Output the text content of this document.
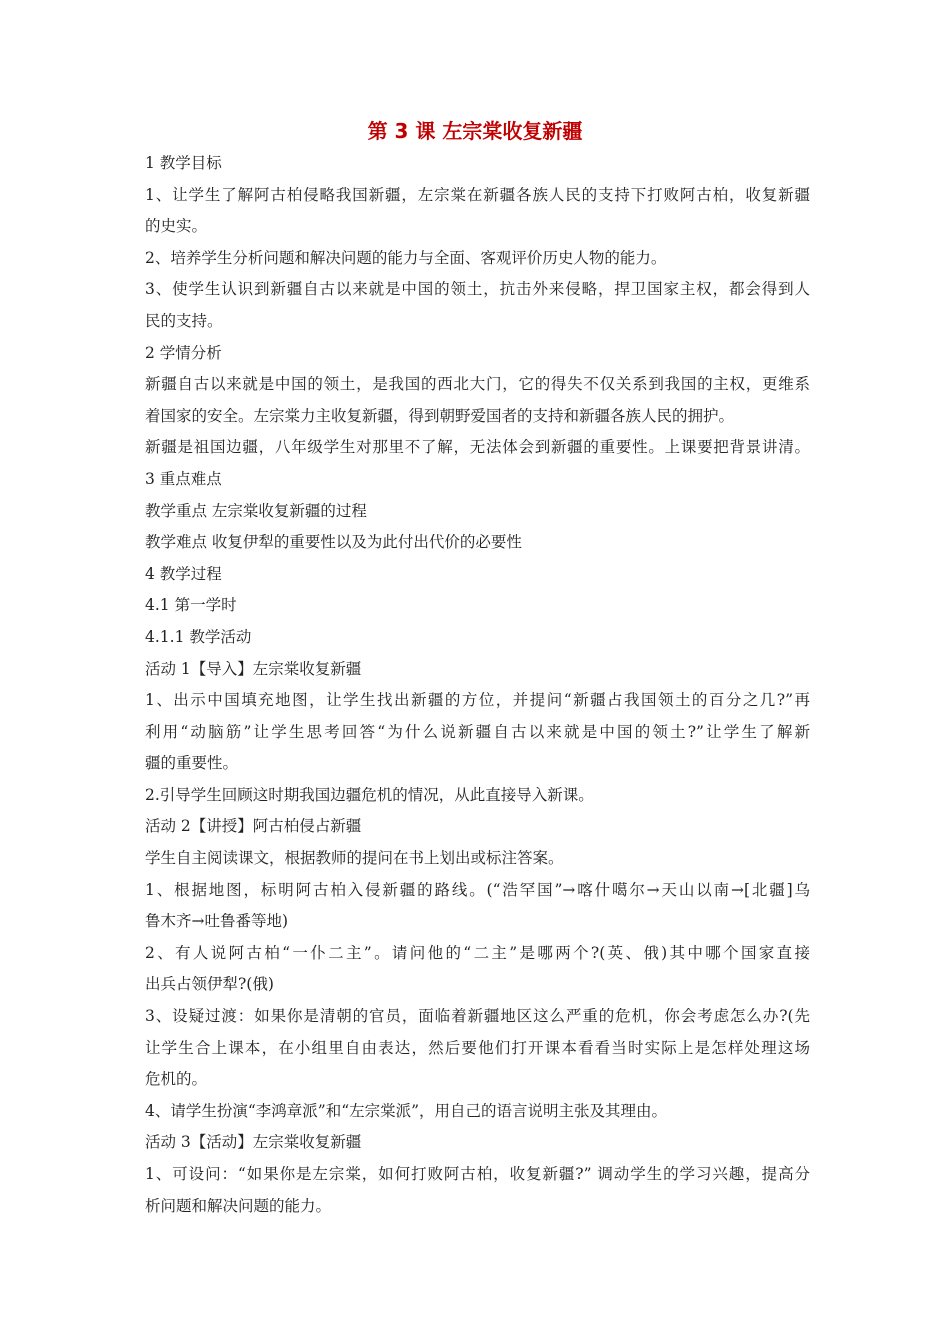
第 3 课 左宗棠收复新疆
1 教学目标
1、让学生了解阿古柏侵略我国新疆，左宗棠在新疆各族人民的支持下打败阿古柏，收复新疆
的史实。
2、培养学生分析问题和解决问题的能力与全面、客观评价历史人物的能力。
3、使学生认识到新疆自古以来就是中国的领土，抗击外来侵略，捍卫国家主权，都会得到人
民的支持。
2 学情分析
新疆自古以来就是中国的领土，是我国的西北大门，它的得失不仅关系到我国的主权，更维系
着国家的安全。左宗棠力主收复新疆，得到朝野爱国者的支持和新疆各族人民的拥护。
新疆是祖国边疆，八年级学生对那里不了解，无法体会到新疆的重要性。上课要把背景讲清。
3 重点难点
教学重点 左宗棠收复新疆的过程
教学难点 收复伊犁的重要性以及为此付出代价的必要性
4 教学过程
4.1 第一学时
4.1.1 教学活动
活动 1【导入】左宗棠收复新疆
1、出示中国填充地图，让学生找出新疆的方位，并提问“新疆占我国领土的百分之几?”再
利用“动脑筋”让学生思考回答“为什么说新疆自古以来就是中国的领土?”让学生了解新
疆的重要性。
2.引导学生回顾这时期我国边疆危机的情况，从此直接导入新课。
活动 2【讲授】阿古柏侵占新疆
学生自主阅读课文，根据教师的提问在书上划出或标注答案。
1、根据地图，标明阿古柏入侵新疆的路线。(“浩罕国”→喀什噶尔→天山以南→[北疆]乌
鲁木齐→吐鲁番等地)
2、有人说阿古柏“一仆二主”。请问他的“二主”是哪两个?(英、俄)其中哪个国家直接
出兵占领伊犁?(俄)
3、设疑过渡：如果你是清朝的官员，面临着新疆地区这么严重的危机，你会考虑怎么办?(先
让学生合上课本，在小组里自由表达，然后要他们打开课本看看当时实际上是怎样处理这场
危机的。
4、请学生扮演“李鸿章派”和“左宗棠派”，用自己的语言说明主张及其理由。
活动 3【活动】左宗棠收复新疆
1、可设问：“如果你是左宗棠，如何打败阿古柏，收复新疆?” 调动学生的学习兴趣，提高分
析问题和解决问题的能力。
